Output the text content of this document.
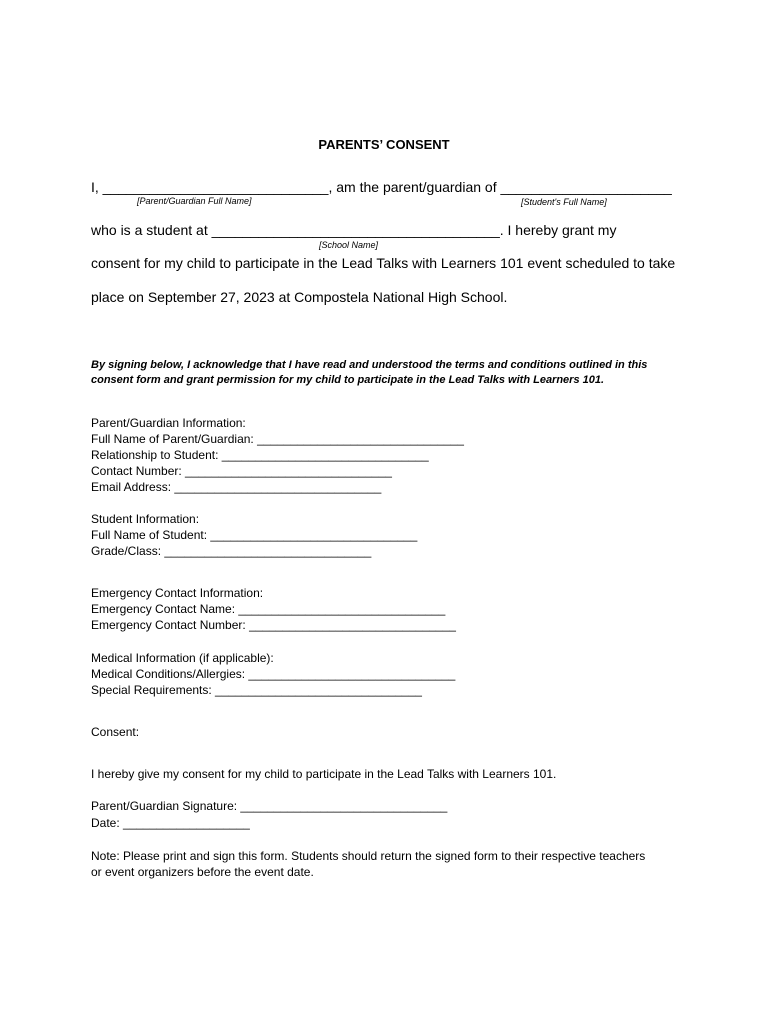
PARENTS’ CONSENT
I, _____________________________, am the parent/guardian of ______________________
[Parent/Guardian Full Name]	[Student's Full Name]
who is a student at _____________________________________. I hereby grant my
[School Name]
consent for my child to participate in the Lead Talks with Learners 101 event scheduled to take
place on September 27, 2023 at Compostela National High School.
By signing below, I acknowledge that I have read and understood the terms and conditions outlined in this
consent form and grant permission for my child to participate in the Lead Talks with Learners 101.
Parent/Guardian Information:
Full Name of Parent/Guardian: _______________________________
Relationship to Student: _______________________________
Contact Number: _______________________________
Email Address: _______________________________
Student Information:
Full Name of Student: _______________________________
Grade/Class: _______________________________
Emergency Contact Information:
Emergency Contact Name: _______________________________
Emergency Contact Number: _______________________________
Medical Information (if applicable):
Medical Conditions/Allergies: _______________________________
Special Requirements: _______________________________
Consent:
I hereby give my consent for my child to participate in the Lead Talks with Learners 101.
Parent/Guardian Signature: _______________________________
Date: ___________________
Note: Please print and sign this form. Students should return the signed form to their respective teachers
or event organizers before the event date.
